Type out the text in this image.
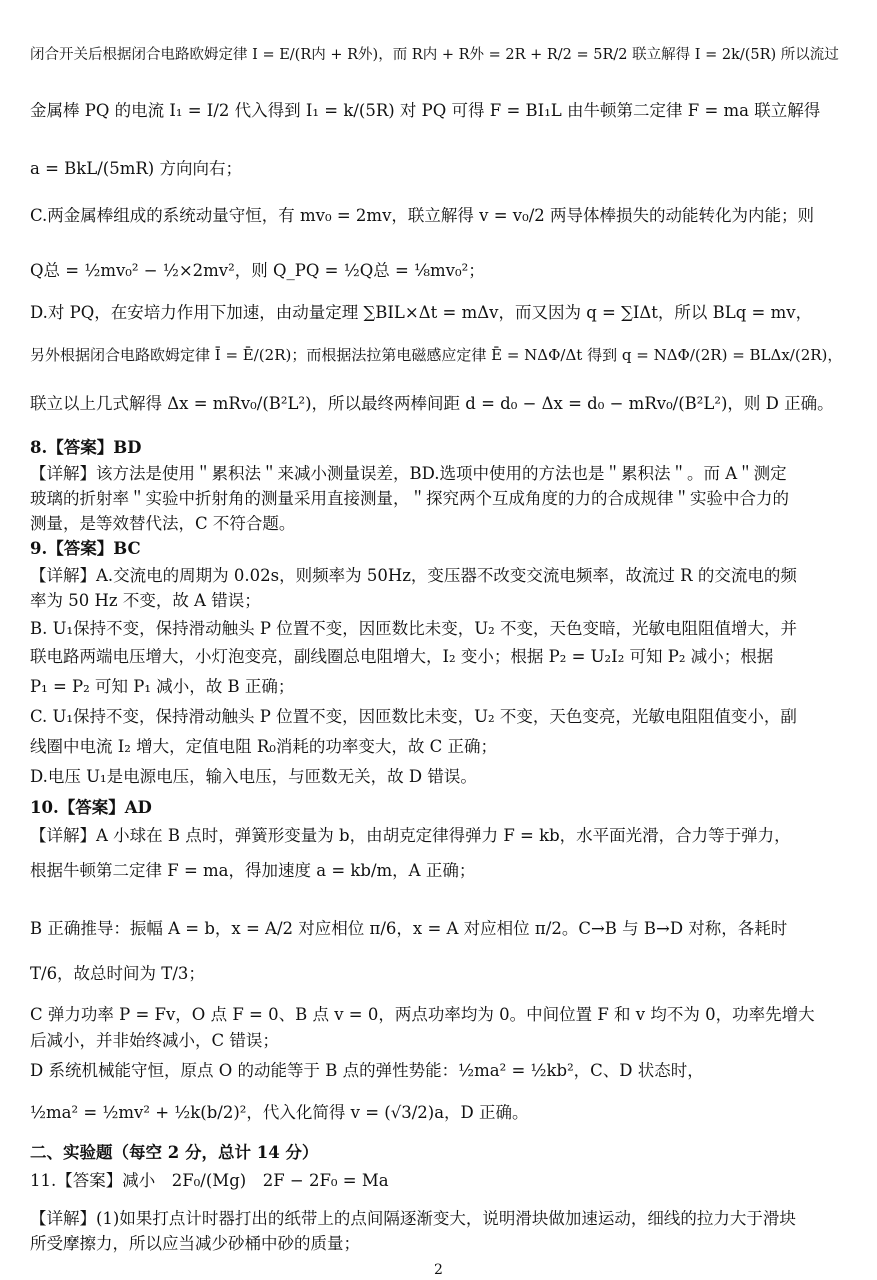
闭合开关后根据闭合电路欧姆定律 I = E/(R内 + R外)，而 R内 + R外 = 2R + R/2 = 5R/2 联立解得 I = 2k/(5R) 所以流过
金属棒 PQ 的电流 I₁ = I/2 代入得到 I₁ = k/(5R) 对 PQ 可得 F = BI₁L 由牛顿第二定律 F = ma 联立解得
a = BkL/(5mR) 方向向右；
C.两金属棒组成的系统动量守恒，有 mv₀ = 2mv，联立解得 v = v₀/2 两导体棒损失的动能转化为内能；则
Q总 = ½mv₀² − ½×2mv²，则 Q_PQ = ½Q总 = ⅛mv₀²；
D.对 PQ，在安培力作用下加速，由动量定理 ∑BIL×Δt = mΔv，而又因为 q = ∑IΔt，所以 BLq = mv，
另外根据闭合电路欧姆定律 Ī = Ē/(2R)；而根据法拉第电磁感应定律 Ē = NΔΦ/Δt 得到 q = NΔΦ/(2R) = BLΔx/(2R)，
联立以上几式解得 Δx = mRv₀/(B²L²)，所以最终两棒间距 d = d₀ − Δx = d₀ − mRv₀/(B²L²)，则 D 正确。
8.【答案】BD
【详解】该方法是使用＂累积法＂来减小测量误差，BD.选项中使用的方法也是＂累积法＂。而 A＂测定
玻璃的折射率＂实验中折射角的测量采用直接测量，＂探究两个互成角度的力的合成规律＂实验中合力的
测量，是等效替代法，C 不符合题。
9.【答案】BC
【详解】A.交流电的周期为 0.02s，则频率为 50Hz，变压器不改变交流电频率，故流过 R 的交流电的频
率为 50 Hz 不变，故 A 错误；
B. U₁保持不变，保持滑动触头 P 位置不变，因匝数比未变，U₂ 不变，天色变暗，光敏电阻阻值增大，并
联电路两端电压增大，小灯泡变亮，副线圈总电阻增大，I₂ 变小；根据 P₂ = U₂I₂ 可知 P₂ 减小；根据
P₁ = P₂ 可知 P₁ 减小，故 B 正确；
C. U₁保持不变，保持滑动触头 P 位置不变，因匝数比未变，U₂ 不变，天色变亮，光敏电阻阻值变小，副
线圈中电流 I₂ 增大，定值电阻 R₀消耗的功率变大，故 C 正确；
D.电压 U₁是电源电压，输入电压，与匝数无关，故 D 错误。
10.【答案】AD
【详解】A 小球在 B 点时，弹簧形变量为 b，由胡克定律得弹力 F = kb，水平面光滑，合力等于弹力，
根据牛顿第二定律 F = ma，得加速度 a = kb/m，A 正确；
B 正确推导：振幅 A = b，x = A/2 对应相位 π/6，x = A 对应相位 π/2。C→B 与 B→D 对称，各耗时
T/6，故总时间为 T/3；
C 弹力功率 P = Fv，O 点 F = 0、B 点 v = 0，两点功率均为 0。中间位置 F 和 v 均不为 0，功率先增大
后减小，并非始终减小，C 错误；
D 系统机械能守恒，原点 O 的动能等于 B 点的弹性势能：½ma² = ½kb²，C、D 状态时，
½ma² = ½mv² + ½k(b/2)²，代入化简得 v = (√3/2)a，D 正确。
二、实验题（每空 2 分，总计 14 分）
11.【答案】减小　2F₀/(Mg)　2F − 2F₀ = Ma
【详解】(1)如果打点计时器打出的纸带上的点间隔逐渐变大，说明滑块做加速运动，细线的拉力大于滑块
所受摩擦力，所以应当减少砂桶中砂的质量；
2
